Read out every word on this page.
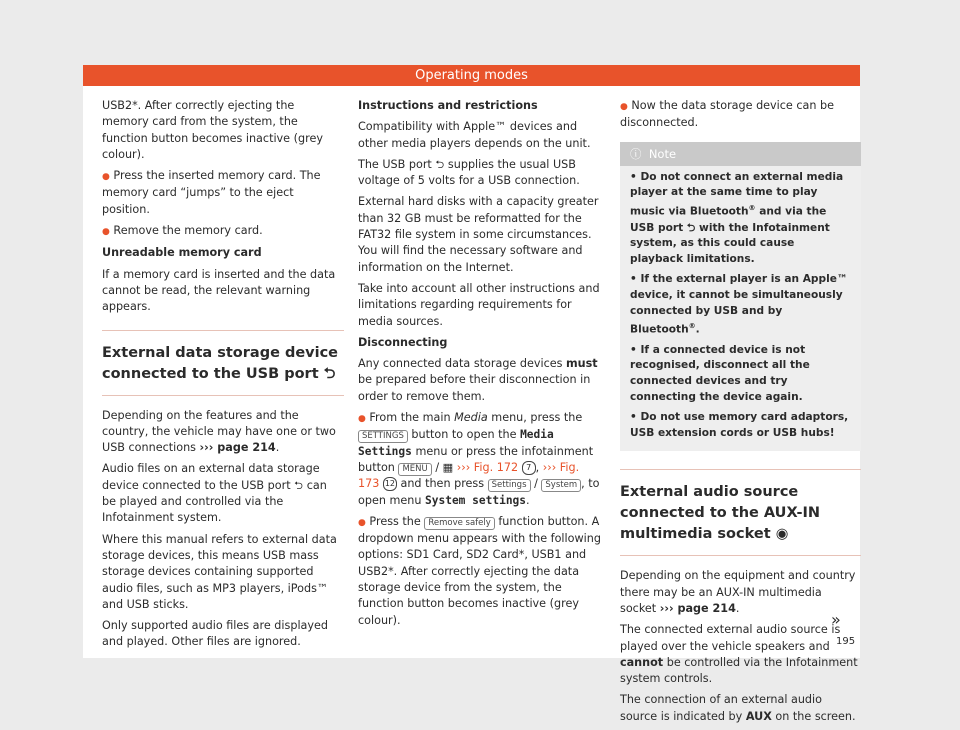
Operating modes

USB2*. After correctly ejecting the memory card from the system, the function button becomes inactive (grey colour).

● Press the inserted memory card. The memory card “jumps” to the eject position.

● Remove the memory card.

Unreadable memory card

If a memory card is inserted and the data cannot be read, the relevant warning appears.

External data storage device connected to the USB port ⮌

Depending on the features and the country, the vehicle may have one or two USB connections ››› page 214.

Audio files on an external data storage device connected to the USB port ⮌ can be played and controlled via the Infotainment system.

Where this manual refers to external data storage devices, this means USB mass storage devices containing supported audio files, such as MP3 players, iPods™ and USB sticks.

Only supported audio files are displayed and played. Other files are ignored.

Instructions and restrictions

Compatibility with Apple™ devices and other media players depends on the unit.

The USB port ⮌ supplies the usual USB voltage of 5 volts for a USB connection.

External hard disks with a capacity greater than 32 GB must be reformatted for the FAT32 file system in some circumstances. You will find the necessary software and information on the Internet.

Take into account all other instructions and limitations regarding requirements for media sources.

Disconnecting

Any connected data storage devices must be prepared before their disconnection in order to remove them.

● From the main Media menu, press the SETTINGS button to open the Media Settings menu or press the infotainment button MENU / ▦ ››› Fig. 172 7 , ››› Fig. 173 12 and then press Settings / System , to open menu System settings.

● Press the Remove safely function button. A dropdown menu appears with the following options: SD1 Card, SD2 Card*, USB1 and USB2*. After correctly ejecting the data storage device from the system, the function button becomes inactive (grey colour).

● Now the data storage device can be disconnected.

ⓘ Note

• Do not connect an external media player at the same time to play music via Bluetooth® and via the USB port ⮌ with the Infotainment system, as this could cause playback limitations.

• If the external player is an Apple™ device, it cannot be simultaneously connected by USB and by Bluetooth®.

• If a connected device is not recognised, disconnect all the connected devices and try connecting the device again.

• Do not use memory card adaptors, USB extension cords or USB hubs!

External audio source connected to the AUX-IN multimedia socket ◉

Depending on the equipment and country there may be an AUX-IN multimedia socket ››› page 214.

The connected external audio source is played over the vehicle speakers and cannot be controlled via the Infotainment system controls.

The connection of an external audio source is indicated by AUX on the screen.

»
195
